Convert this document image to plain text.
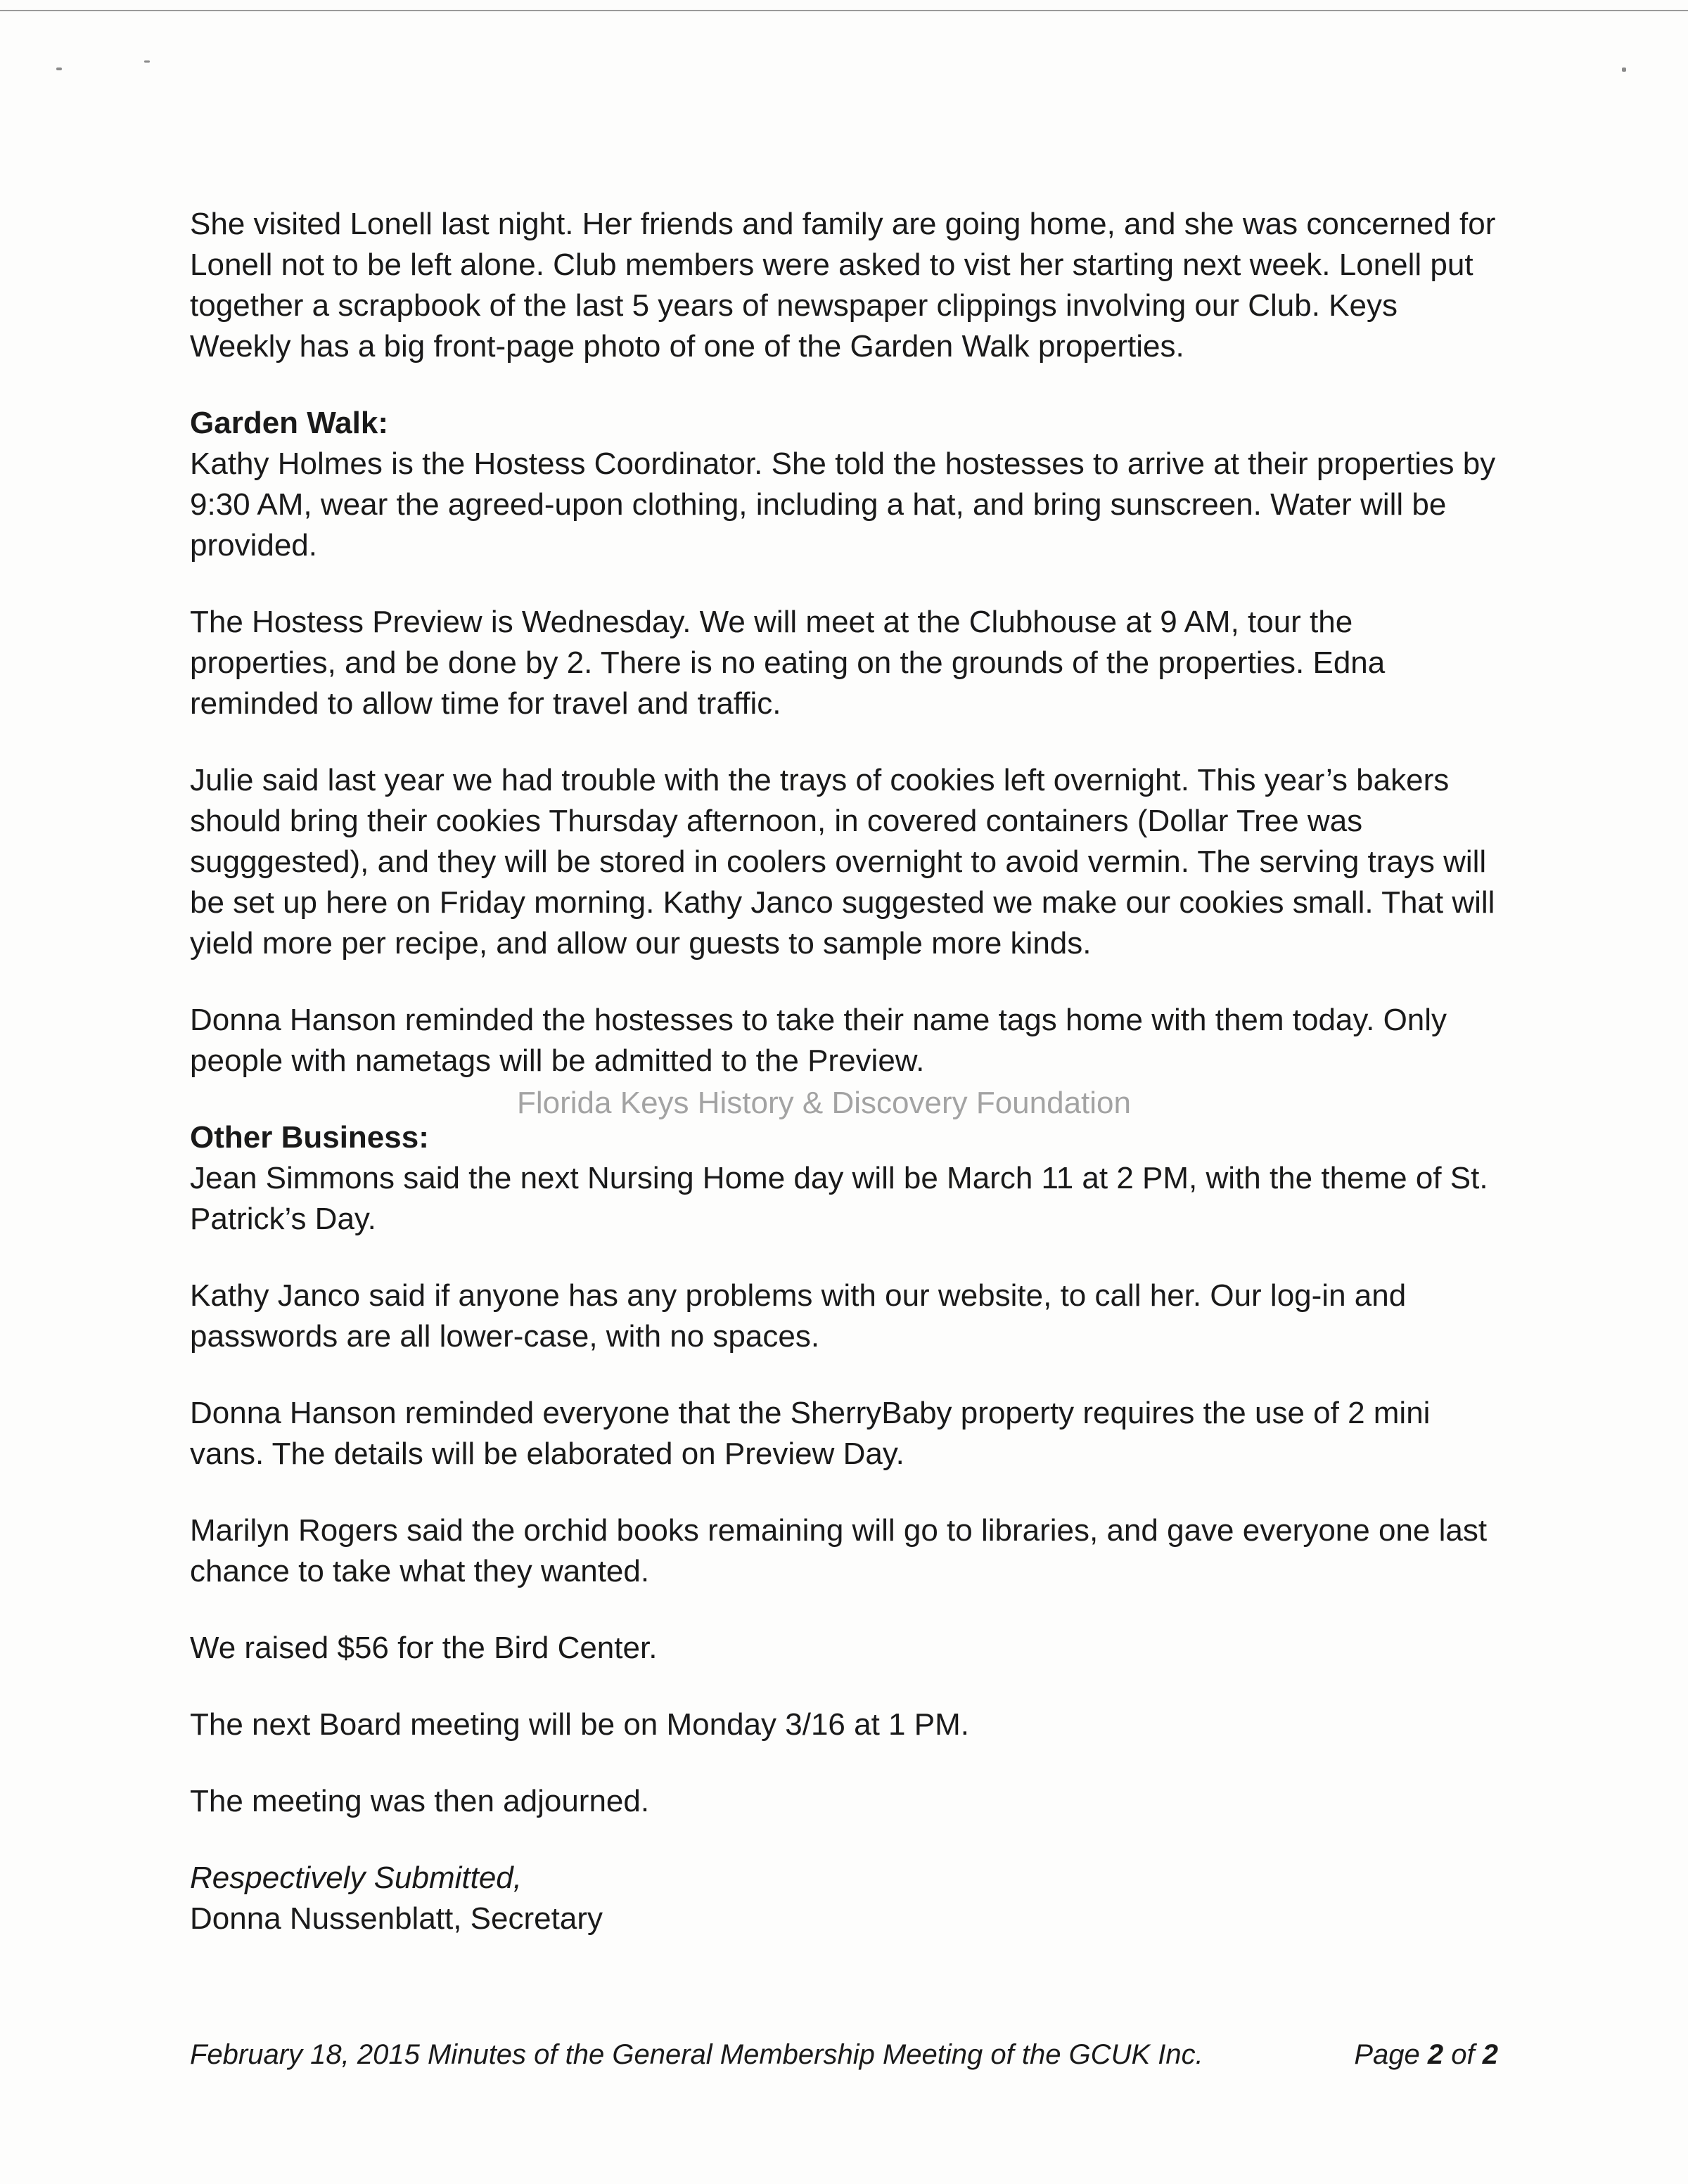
She visited Lonell last night. Her friends and family are going home, and she was concerned for Lonell not to be left alone. Club members were asked to vist her starting next week. Lonell put together a scrapbook of the last 5 years of newspaper clippings involving our Club. Keys Weekly has a big front-page photo of one of the Garden Walk properties.

Garden Walk:

Kathy Holmes is the Hostess Coordinator. She told the hostesses to arrive at their properties by 9:30 AM, wear the agreed-upon clothing, including a hat, and bring sunscreen. Water will be provided.

The Hostess Preview is Wednesday. We will meet at the Clubhouse at 9 AM, tour the properties, and be done by 2. There is no eating on the grounds of the properties. Edna reminded to allow time for travel and traffic.

Julie said last year we had trouble with the trays of cookies left overnight. This year’s bakers should bring their cookies Thursday afternoon, in covered containers (Dollar Tree was sugggested), and they will be stored in coolers overnight to avoid vermin. The serving trays will be set up here on Friday morning. Kathy Janco suggested we make our cookies small. That will yield more per recipe, and allow our guests to sample more kinds.

Donna Hanson reminded the hostesses to take their name tags home with them today. Only people with nametags will be admitted to the Preview.

Other Business:

Jean Simmons said the next Nursing Home day will be March 11 at 2 PM, with the theme of St. Patrick’s Day.

Kathy Janco said if anyone has any problems with our website, to call her. Our log-in and passwords are all lower-case, with no spaces.

Donna Hanson reminded everyone that the SherryBaby property requires the use of 2 mini vans. The details will be elaborated on Preview Day.

Marilyn Rogers said the orchid books remaining will go to libraries, and gave everyone one last chance to take what they wanted.

We raised $56 for the Bird Center.

The next Board meeting will be on Monday 3/16 at 1 PM.

The meeting was then adjourned.

Respectively Submitted,
Donna Nussenblatt, Secretary
Florida Keys History & Discovery Foundation
February 18, 2015 Minutes of the General Membership Meeting of the GCUK Inc.	Page 2 of 2
